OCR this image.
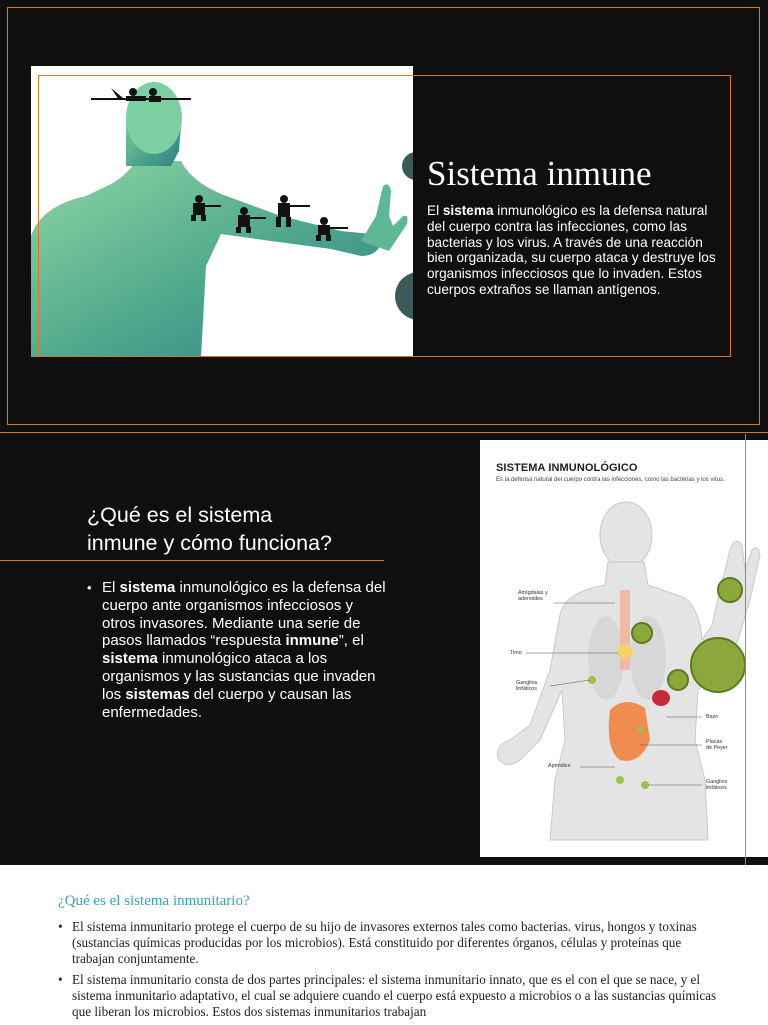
Sistema inmune
El sistema inmunológico es la defensa natural del cuerpo contra las infecciones, como las bacterias y los virus. A través de una reacción bien organizada, su cuerpo ataca y destruye los organismos infecciosos que lo invaden. Estos cuerpos extraños se llaman antígenos.
¿Qué es el sistema
inmune y cómo funciona?
• El sistema inmunológico es la defensa del cuerpo ante organismos infecciosos y otros invasores. Mediante una serie de pasos llamados “respuesta inmune”, el sistema inmunológico ataca a los organismos y las sustancias que invaden los sistemas del cuerpo y causan las enfermedades.
SISTEMA INMUNOLÓGICO
Es la defensa natural del cuerpo contra las infecciones, como las bacterias y los virus.
Amígdalas y
adenoides
Timo
Ganglios
linfáticos
Bazo
Placas
de Peyer
Apéndice
Ganglios
linfáticos
¿Qué es el sistema inmunitario?
• El sistema inmunitario protege el cuerpo de su hijo de invasores externos tales como bacterias. virus, hongos y toxinas (sustancias químicas producidas por los microbios). Está constituido por diferentes órganos, células y proteínas que trabajan conjuntamente.
• El sistema inmunitario consta de dos partes principales: el sistema inmunitario innato, que es el con el que se nace, y el sistema inmunitario adaptativo, el cual se adquiere cuando el cuerpo está expuesto a microbios o a las sustancias químicas que liberan los microbios. Estos dos sistemas inmunitarios trabajan
